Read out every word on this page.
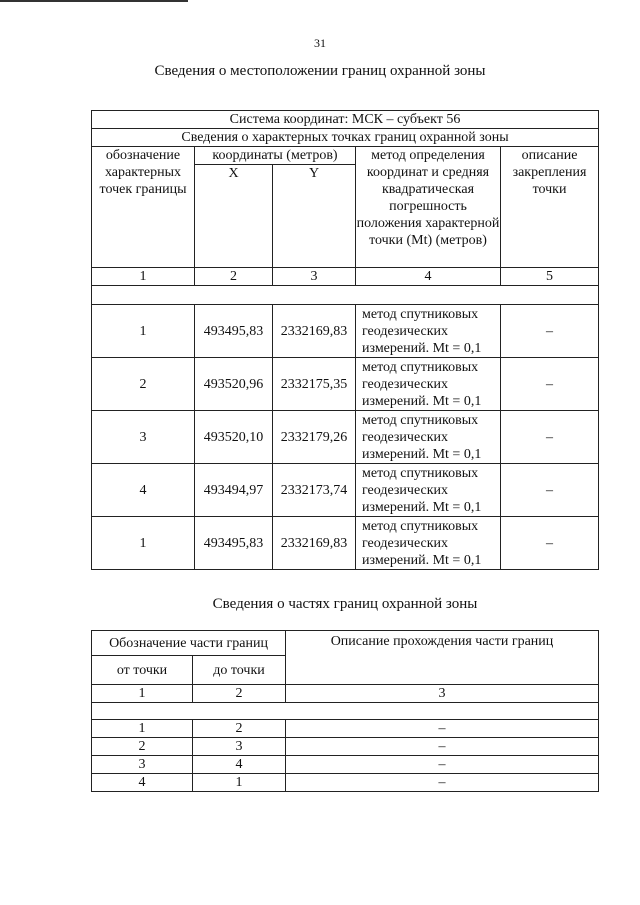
31
Сведения о местоположении границ охранной зоны
Система координат: МСК – субъект 56				
Сведения о характерных точках границ охранной зоны				
обозначение характерных точек границы	координаты (метров)		метод определения координат и средняя квадратическая погрешность положения характерной точки (Mt) (метров)	описание закрепления точки
	X	Y		
1	2	3	4	5

1	493495,83	2332169,83	метод спутниковых геодезических измерений. Mt = 0,1	–
2	493520,96	2332175,35	метод спутниковых геодезических измерений. Mt = 0,1	–
3	493520,10	2332179,26	метод спутниковых геодезических измерений. Mt = 0,1	–
4	493494,97	2332173,74	метод спутниковых геодезических измерений. Mt = 0,1	–
1	493495,83	2332169,83	метод спутниковых геодезических измерений. Mt = 0,1	–
Сведения о частях границ охранной зоны
Обозначение части границ		Описание прохождения части границ
от точки	до точки	
1	2	3

1	2	–
2	3	–
3	4	–
4	1	–
